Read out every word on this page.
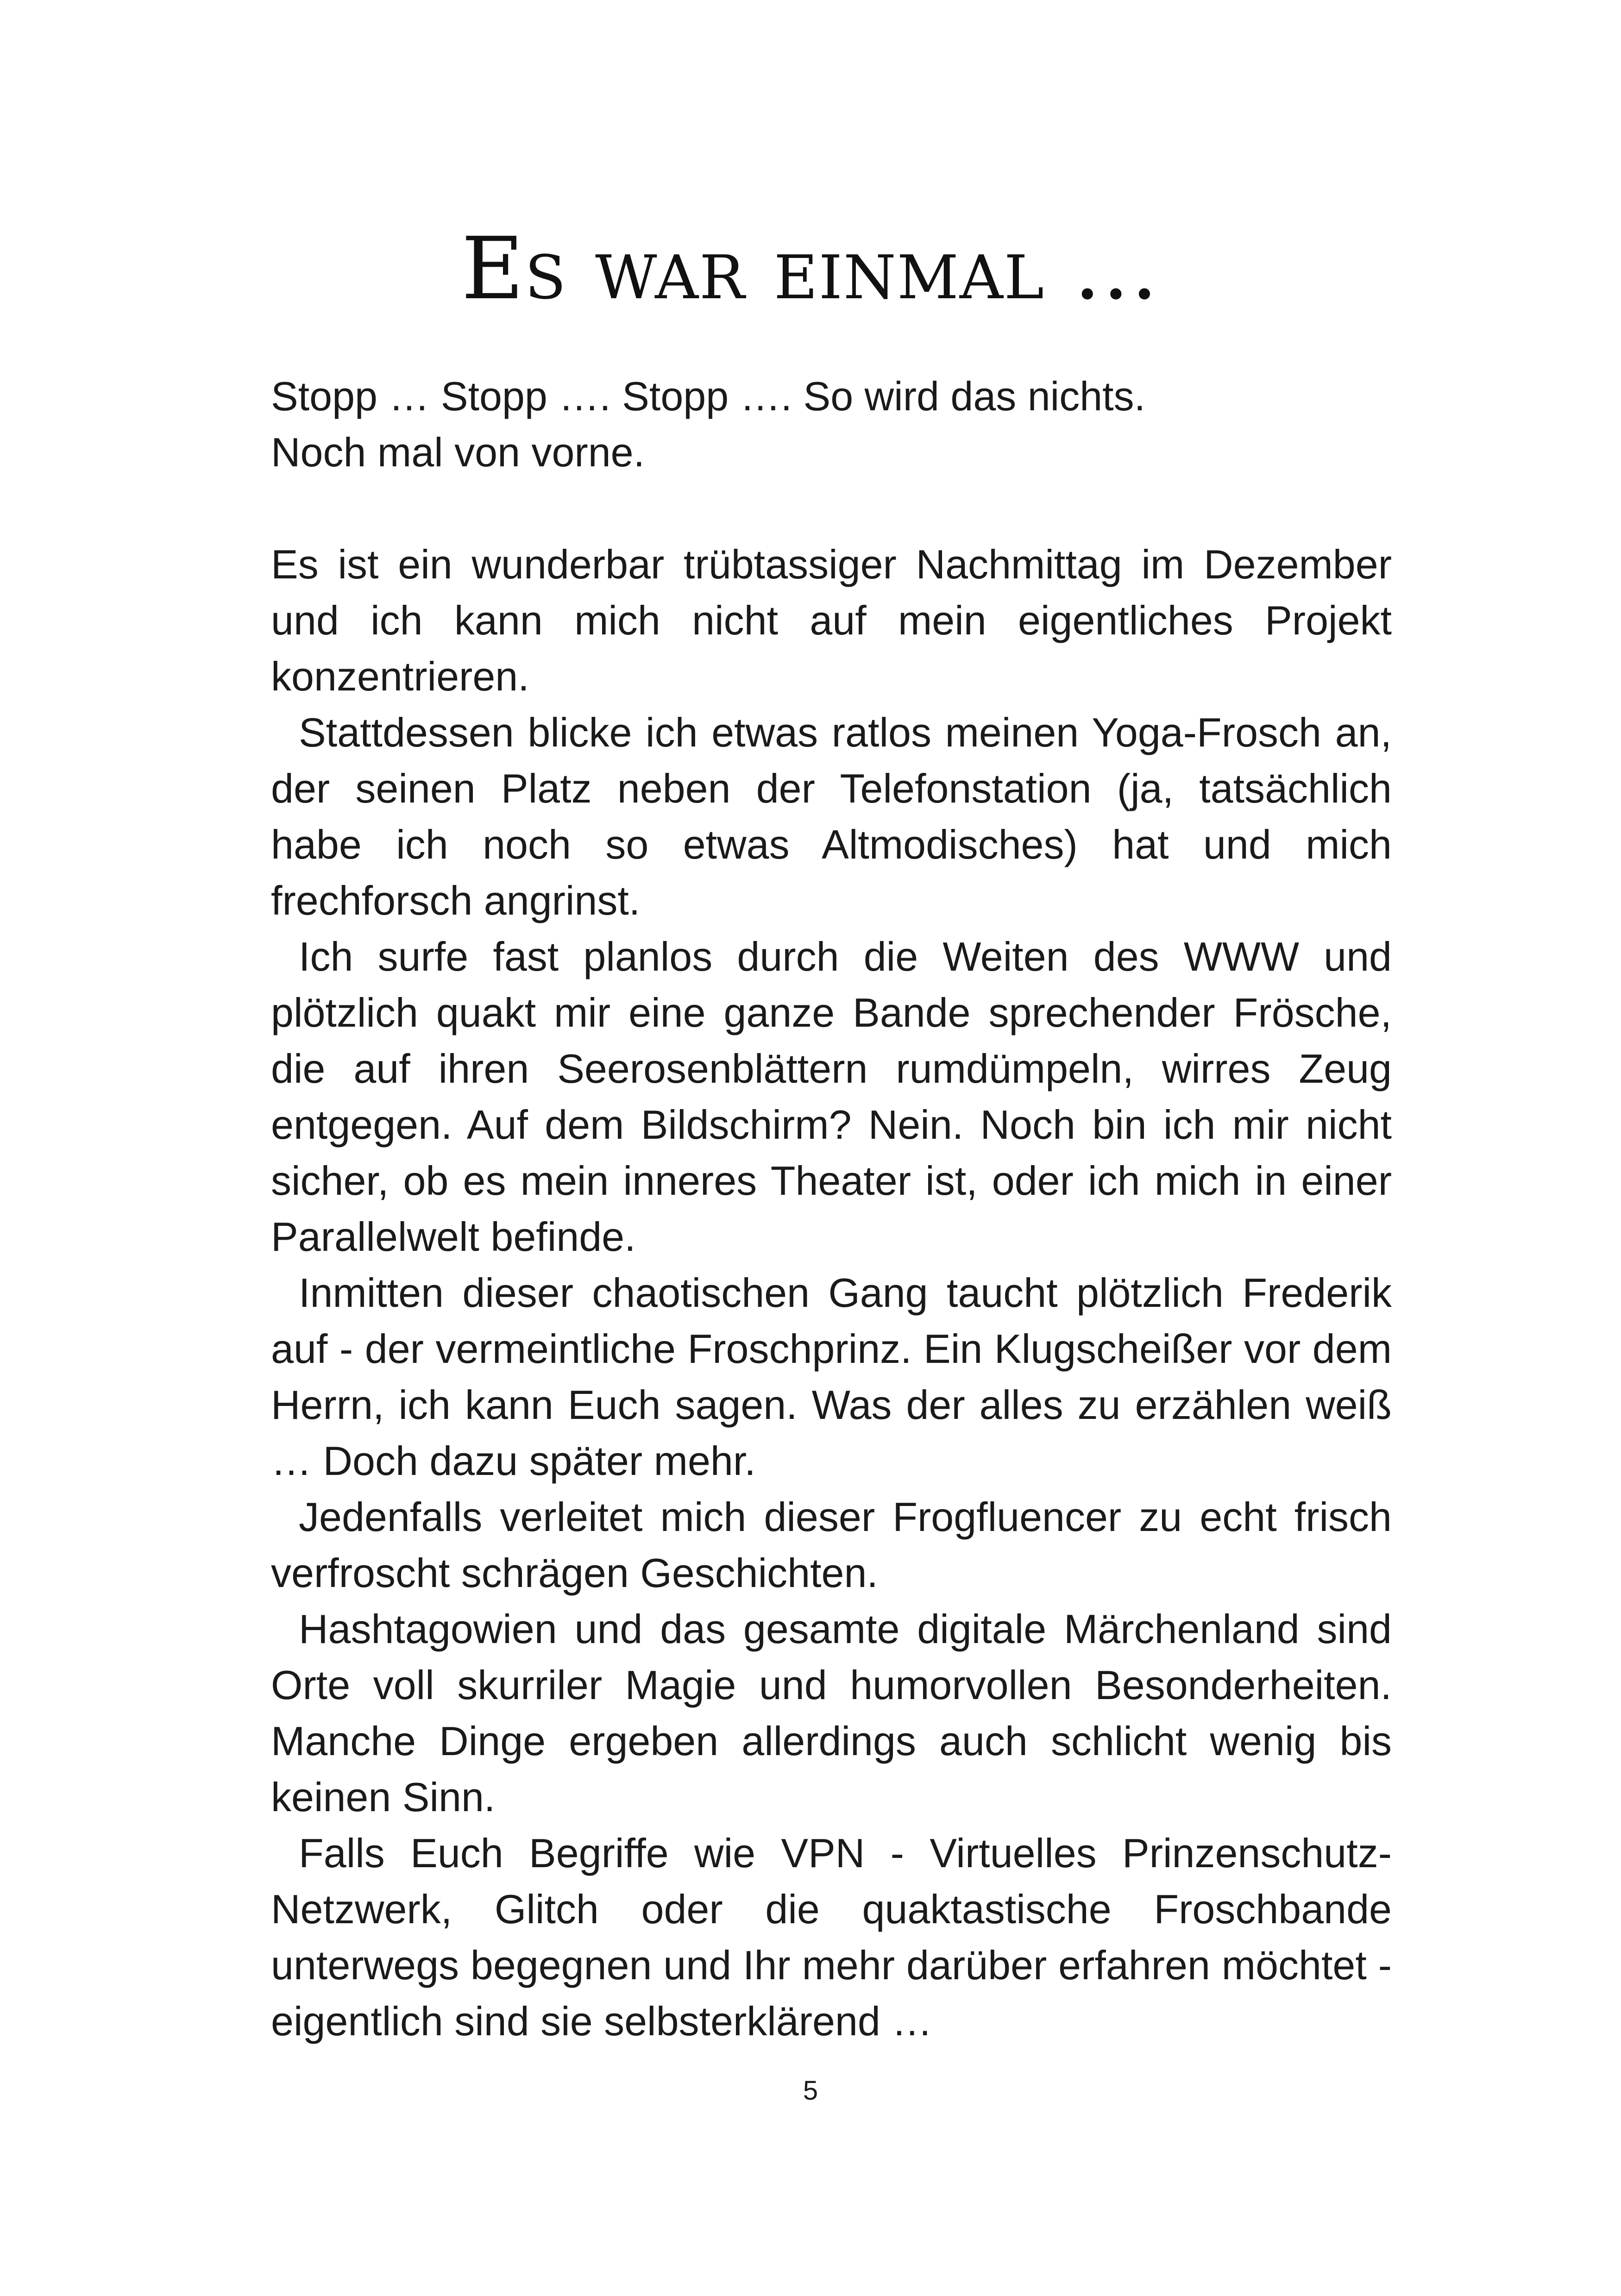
Es war einmal …

Stopp … Stopp …. Stopp …. So wird das nichts.

Noch mal von vorne.

Es ist ein wunderbar trübtassiger Nachmittag im Dezember und ich kann mich nicht auf mein eigentliches Projekt konzentrieren.

Stattdessen blicke ich etwas ratlos meinen Yoga-Frosch an, der seinen Platz neben der Telefonstation (ja, tatsächlich habe ich noch so etwas Altmodisches) hat und mich frechforsch angrinst.

Ich surfe fast planlos durch die Weiten des WWW und plötzlich quakt mir eine ganze Bande sprechender Frösche, die auf ihren Seerosenblättern rumdümpeln, wirres Zeug entgegen. Auf dem Bildschirm? Nein. Noch bin ich mir nicht sicher, ob es mein inneres Theater ist, oder ich mich in einer Parallelwelt befinde.

Inmitten dieser chaotischen Gang taucht plötzlich Frederik auf - der vermeintliche Froschprinz. Ein Klugscheißer vor dem Herrn, ich kann Euch sagen. Was der alles zu erzählen weiß … Doch dazu später mehr.

Jedenfalls verleitet mich dieser Frogfluencer zu echt frisch verfroscht schrägen Geschichten.

Hashtagowien und das gesamte digitale Märchenland sind Orte voll skurriler Magie und humorvollen Besonderheiten. Manche Dinge ergeben allerdings auch schlicht wenig bis keinen Sinn.

Falls Euch Begriffe wie VPN - Virtuelles Prinzenschutz-Netzwerk, Glitch oder die quaktastische Froschbande unterwegs begegnen und Ihr mehr darüber erfahren möchtet - eigentlich sind sie selbsterklärend …

5
